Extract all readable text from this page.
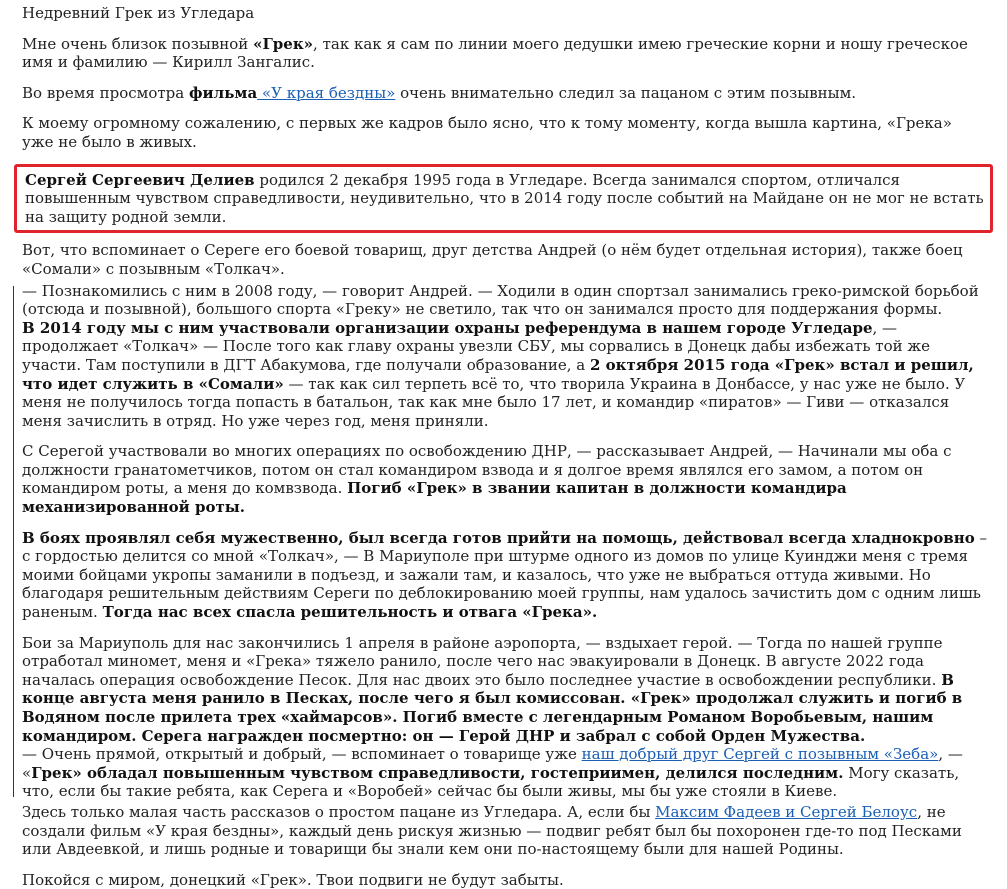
Недревний Грек из Угледара

Мне очень близок позывной «Грек», так как я сам по линии моего дедушки имею греческие корни и ношу греческое имя и фамилию — Кирилл Зангалис.

Во время просмотра фильма «У края бездны» очень внимательно следил за пацаном с этим позывным.

К моему огромному сожалению, с первых же кадров было ясно, что к тому моменту, когда вышла картина, «Грека» уже не было в живых.

Сергей Сергеевич Делиев родился 2 декабря 1995 года в Угледаре. Всегда занимался спортом, отличался повышенным чувством справедливости, неудивительно, что в 2014 году после событий на Майдане он не мог не встать на защиту родной земли.

Вот, что вспоминает о Сереге его боевой товарищ, друг детства Андрей (о нём будет отдельная история), также боец «Сомали» с позывным «Толкач».

— Познакомились с ним в 2008 году, — говорит Андрей. — Ходили в один спортзал занимались греко-римской борьбой (отсюда и позывной), большого спорта «Греку» не светило, так что он занимался просто для поддержания формы.

В 2014 году мы с ним участвовали организации охраны референдума в нашем городе Угледаре, — продолжает «Толкач» — После того как главу охраны увезли СБУ, мы сорвались в Донецк дабы избежать той же участи. Там поступили в ДГТ Абакумова, где получали образование, а 2 октября 2015 года «Грек» встал и решил, что идет служить в «Сомали» — так как сил терпеть всё то, что творила Украина в Донбассе, у нас уже не было. У меня не получилось тогда попасть в батальон, так как мне было 17 лет, и командир «пиратов» — Гиви — отказался меня зачислить в отряд. Но уже через год, меня приняли.

С Серегой участвовали во многих операциях по освобождению ДНР, — рассказывает Андрей, — Начинали мы оба с должности гранатометчиков, потом он стал командиром взвода и я долгое время являлся его замом, а потом он командиром роты, а меня до комвзвода. Погиб «Грек» в звании капитан в должности командира механизированной роты.

В боях проявлял себя мужественно, был всегда готов прийти на помощь, действовал всегда хладнокровно – с гордостью делится со мной «Толкач», — В Мариуполе при штурме одного из домов по улице Куинджи меня с тремя моими бойцами укропы заманили в подъезд, и зажали там, и казалось, что уже не выбраться оттуда живыми. Но благодаря решительным действиям Сереги по деблокированию моей группы, нам удалось зачистить дом с одним лишь раненым. Тогда нас всех спасла решительность и отвага «Грека».

Бои за Мариуполь для нас закончились 1 апреля в районе аэропорта, — вздыхает герой. — Тогда по нашей группе отработал миномет, меня и «Грека» тяжело ранило, после чего нас эвакуировали в Донецк. В августе 2022 года началась операция освобождение Песок. Для нас двоих это было последнее участие в освобождении республики. В конце августа меня ранило в Песках, после чего я был комиссован. «Грек» продолжал служить и погиб в Водяном после прилета трех «хаймарсов». Погиб вместе с легендарным Романом Воробьевым, нашим командиром. Серега награжден посмертно: он — Герой ДНР и забрал с собой Орден Мужества.

— Очень прямой, открытый и добрый, — вспоминает о товарище уже наш добрый друг Сергей с позывным «Зеба», — «Грек» обладал повышенным чувством справедливости, гостеприимен, делился последним. Могу сказать, что, если бы такие ребята, как Серега и «Воробей» сейчас бы были живы, мы бы уже стояли в Киеве.

Здесь только малая часть рассказов о простом пацане из Угледара. А, если бы Максим Фадеев и Сергей Белоус, не создали фильм «У края бездны», каждый день рискуя жизнью — подвиг ребят был бы похоронен где-то под Песками или Авдеевкой, и лишь родные и товарищи бы знали кем они по-настоящему были для нашей Родины.

Покойся с миром, донецкий «Грек». Твои подвиги не будут забыты.
